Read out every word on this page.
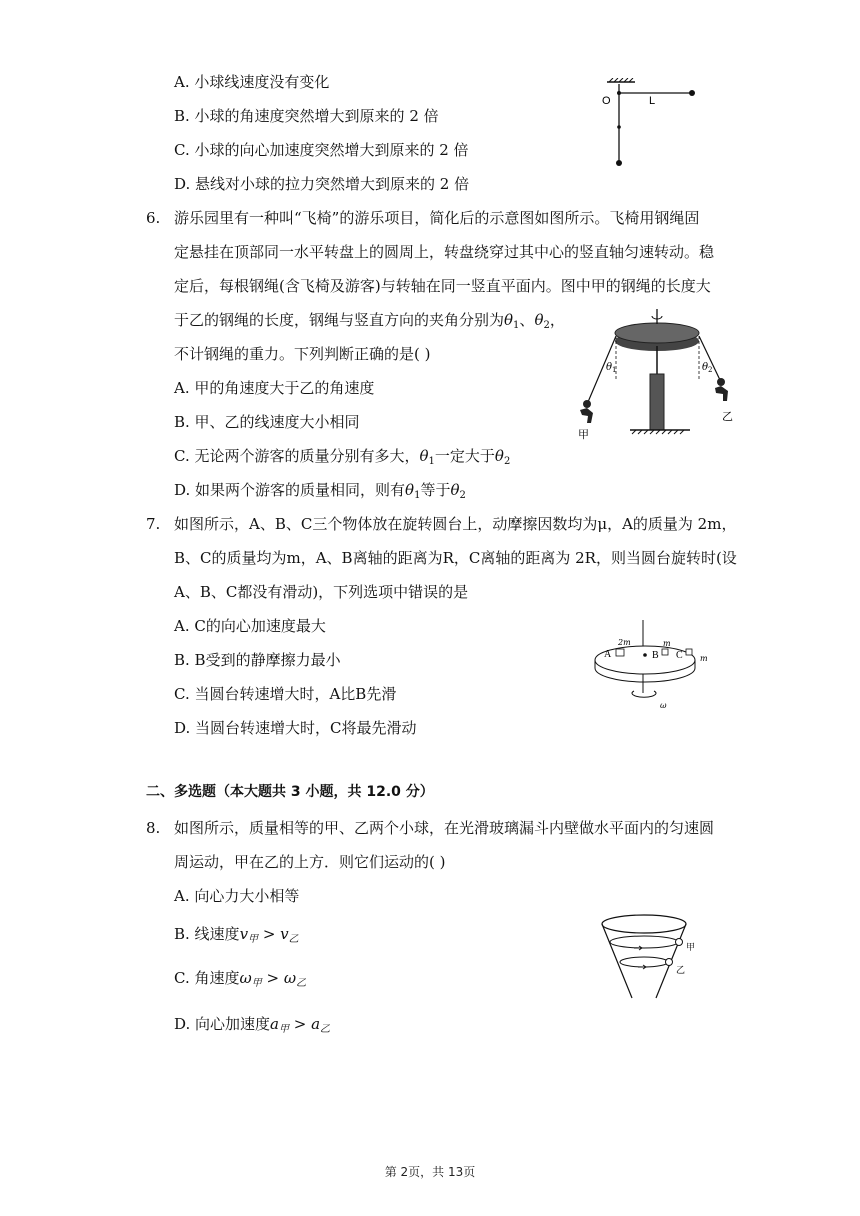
A. 小球线速度没有变化
B. 小球的角速度突然增大到原来的 2 倍
C. 小球的向心加速度突然增大到原来的 2 倍
D. 悬线对小球的拉力突然增大到原来的 2 倍
O	L
6. 游乐园里有一种叫“飞椅”的游乐项目，简化后的示意图如图所示。飞椅用钢绳固
定悬挂在顶部同一水平转盘上的圆周上，转盘绕穿过其中心的竖直轴匀速转动。稳
定后，每根钢绳(含飞椅及游客)与转轴在同一竖直平面内。图中甲的钢绳的长度大
于乙的钢绳的长度，钢绳与竖直方向的夹角分别为$\theta_1$、$\theta_2$，
不计钢绳的重力。下列判断正确的是( )
A. 甲的角速度大于乙的角速度
B. 甲、乙的线速度大小相同
C. 无论两个游客的质量分别有多大，$\theta_1$一定大于$\theta_2$
D. 如果两个游客的质量相同，则有$\theta_1$等于$\theta_2$
θ 1	θ 2
甲
乙
7. 如图所示，A、B、C三个物体放在旋转圆台上，动摩擦因数均为μ，A的质量为 2m，
B、C的质量均为m，A、B离轴的距离为R，C离轴的距离为 2R，则当圆台旋转时(设
A、B、C都没有滑动)，下列选项中错误的是
A. C的向心加速度最大
B. B受到的静摩擦力最小
C. 当圆台转速增大时，A比B先滑
D. 当圆台转速增大时，C将最先滑动
A	B C
2m	m
m
ω
二、多选题（本大题共 3 小题，共 12.0 分）
8. 如图所示，质量相等的甲、乙两个小球，在光滑玻璃漏斗内壁做水平面内的匀速圆
周运动，甲在乙的上方．则它们运动的( )
A. 向心力大小相等
B. 线速度$v_甲 > v_乙$
C. 角速度$\omega_甲 > \omega_乙$
D. 向心加速度$a_甲 > a_乙$
甲
乙
第 2页，共 13页
